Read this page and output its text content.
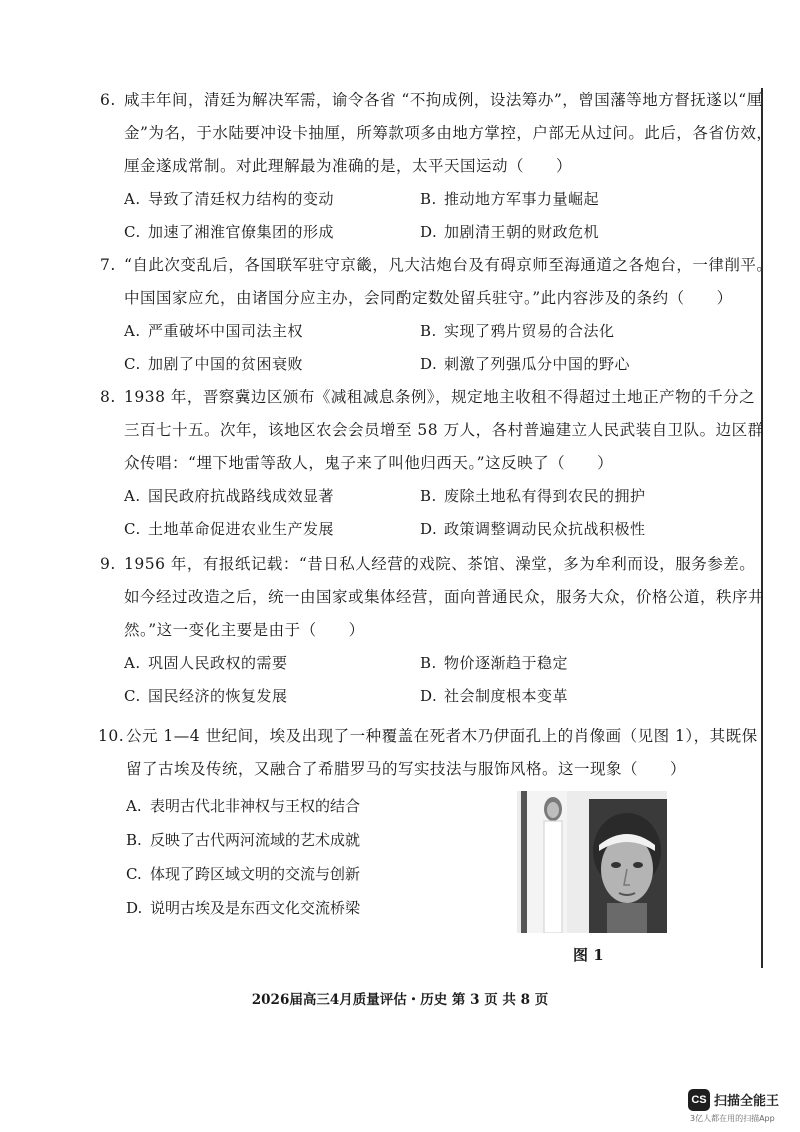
6. 咸丰年间，清廷为解决军需，谕令各省 “不拘成例，设法筹办”，曾国藩等地方督抚遂以“厘
金”为名，于水陆要冲设卡抽厘，所筹款项多由地方掌控，户部无从过问。此后，各省仿效，
厘金遂成常制。对此理解最为准确的是，太平天国运动（　　）
A. 导致了清廷权力结构的变动	B. 推动地方军事力量崛起
C. 加速了湘淮官僚集团的形成	D. 加剧清王朝的财政危机
7. “自此次变乱后，各国联军驻守京畿，凡大沽炮台及有碍京师至海通道之各炮台，一律削平。
中国国家应允，由诸国分应主办，会同酌定数处留兵驻守。”此内容涉及的条约（　　）
A. 严重破坏中国司法主权	B. 实现了鸦片贸易的合法化
C. 加剧了中国的贫困衰败	D. 刺激了列强瓜分中国的野心
8. 1938 年，晋察冀边区颁布《减租减息条例》，规定地主收租不得超过土地正产物的千分之
三百七十五。次年，该地区农会会员增至 58 万人，各村普遍建立人民武装自卫队。边区群
众传唱：“埋下地雷等敌人，鬼子来了叫他归西天。”这反映了（　　）
A. 国民政府抗战路线成效显著	B. 废除土地私有得到农民的拥护
C. 土地革命促进农业生产发展	D. 政策调整调动民众抗战积极性
9. 1956 年，有报纸记载：“昔日私人经营的戏院、茶馆、澡堂，多为牟利而设，服务参差。
如今经过改造之后，统一由国家或集体经营，面向普通民众，服务大众，价格公道，秩序井
然。”这一变化主要是由于（　　）
A. 巩固人民政权的需要	B. 物价逐渐趋于稳定
C. 国民经济的恢复发展	D. 社会制度根本变革
10. 公元 1—4 世纪间，埃及出现了一种覆盖在死者木乃伊面孔上的肖像画（见图 1），其既保
留了古埃及传统，又融合了希腊罗马的写实技法与服饰风格。这一现象（　　）
A. 表明古代北非神权与王权的结合
B. 反映了古代两河流域的艺术成就
C. 体现了跨区域文明的交流与创新
D. 说明古埃及是东西文化交流桥梁
图 1
2026届高三4月质量评估・历史 第 3 页 共 8 页
CS 扫描全能王
3亿人都在用的扫描App
